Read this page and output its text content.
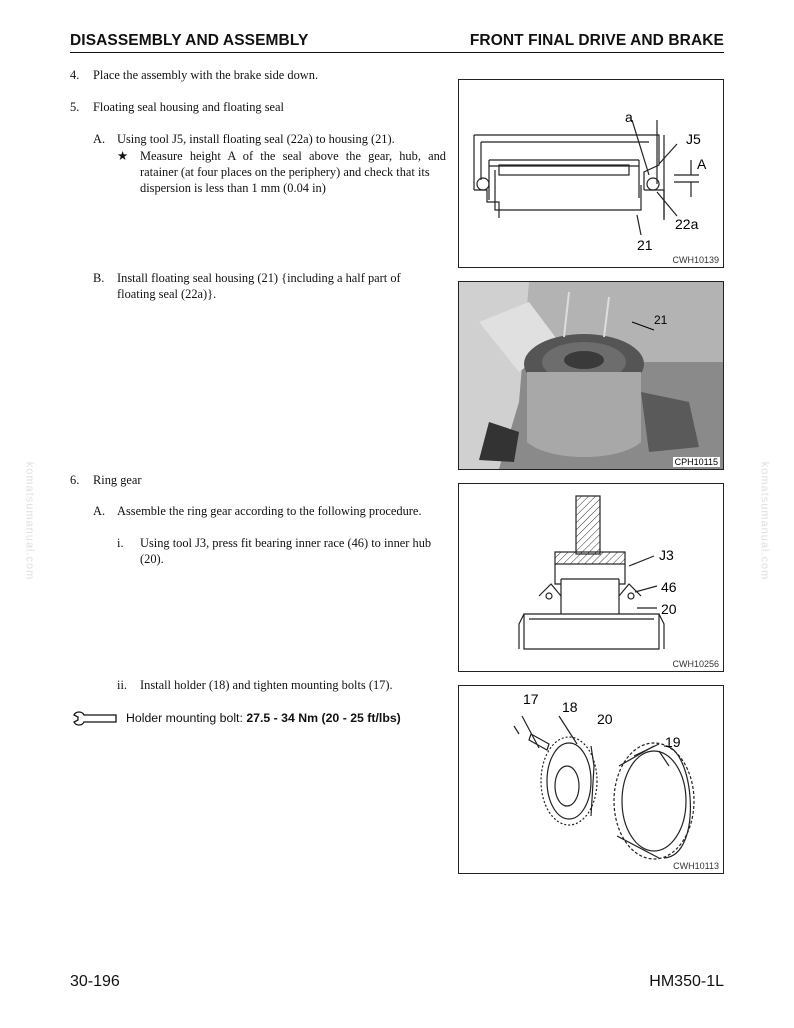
DISASSEMBLY AND ASSEMBLY	FRONT FINAL DRIVE AND BRAKE
komatsumanual.com	komatsumanual.com
4. Place the assembly with the brake side down.
5. Floating seal housing and floating seal
A. Using tool J5, install floating seal (22a) to housing (21).
★ Measure height A of the seal above the gear, hub, and
ratainer (at four places on the periphery) and check that its
dispersion is less than 1 mm (0.04 in)
B. Install floating seal housing (21) {including a half part of
floating seal (22a)}.
6. Ring gear
A. Assemble the ring gear according to the following procedure.
i. Using tool J3, press fit bearing inner race (46) to inner hub
(20).
ii. Install holder (18) and tighten mounting bolts (17).
Holder mounting bolt: 27.5 - 34 Nm (20 - 25 ft/lbs)
a
J5
A
22a
21
CWH10139
21
CPH10115
J3
46
20
CWH10256
17 18
20
19
CWH10113
30-196	HM350-1L
